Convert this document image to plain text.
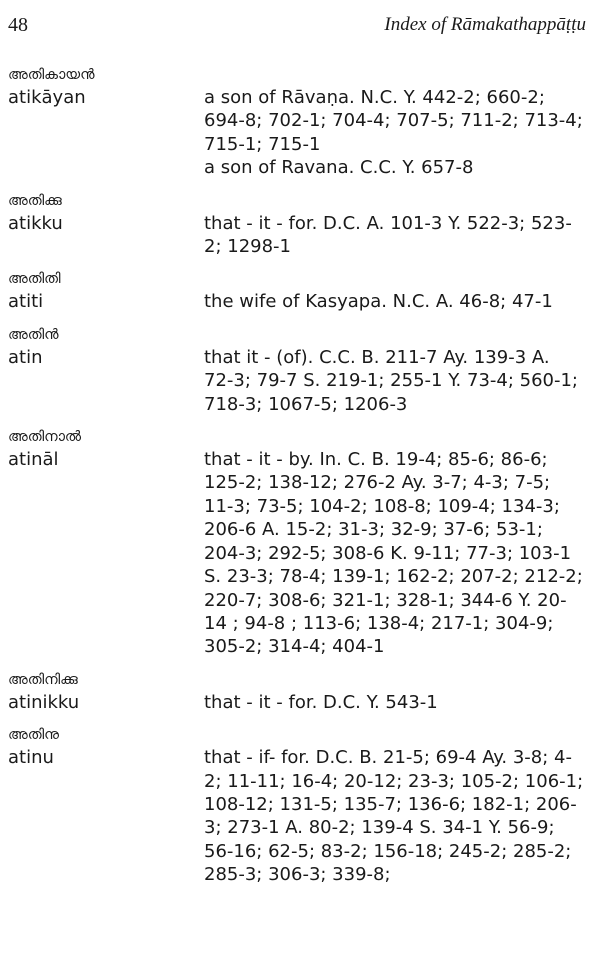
48	Index of Rāmakathappāṭṭu
അതികായൻ
atikāyan	a son of Rāvaṇa. N.C. Y. 442-2; 660-2;
694-8; 702-1; 704-4; 707-5; 711-2; 713-4;
715-1; 715-1
a son of Ravana. C.C. Y. 657-8
അതിക്കു
atikku	that - it - for. D.C. A. 101-3 Y. 522-3; 523-
2; 1298-1
അതിതി
atiti	the wife of Kasyapa. N.C. A. 46-8; 47-1
അതിൻ
atin	that it - (of). C.C. B. 211-7 Ay. 139-3 A.
72-3; 79-7 S. 219-1; 255-1 Y. 73-4; 560-1;
718-3; 1067-5; 1206-3
അതിനാൽ
atināl	that - it - by. In. C. B. 19-4; 85-6; 86-6;
125-2; 138-12; 276-2 Ay. 3-7; 4-3; 7-5;
11-3; 73-5; 104-2; 108-8; 109-4; 134-3;
206-6 A. 15-2; 31-3; 32-9; 37-6; 53-1;
204-3; 292-5; 308-6 K. 9-11; 77-3; 103-1
S. 23-3; 78-4; 139-1; 162-2; 207-2; 212-2;
220-7; 308-6; 321-1; 328-1; 344-6 Y. 20-
14 ; 94-8 ; 113-6; 138-4; 217-1; 304-9;
305-2; 314-4; 404-1
അതിനിക്കു
atinikku	that - it - for. D.C. Y. 543-1
അതിനു
atinu	that - if- for. D.C. B. 21-5; 69-4 Ay. 3-8; 4-
2; 11-11; 16-4; 20-12; 23-3; 105-2; 106-1;
108-12; 131-5; 135-7; 136-6; 182-1; 206-
3; 273-1 A. 80-2; 139-4 S. 34-1 Y. 56-9;
56-16; 62-5; 83-2; 156-18; 245-2; 285-2;
285-3; 306-3; 339-8;
